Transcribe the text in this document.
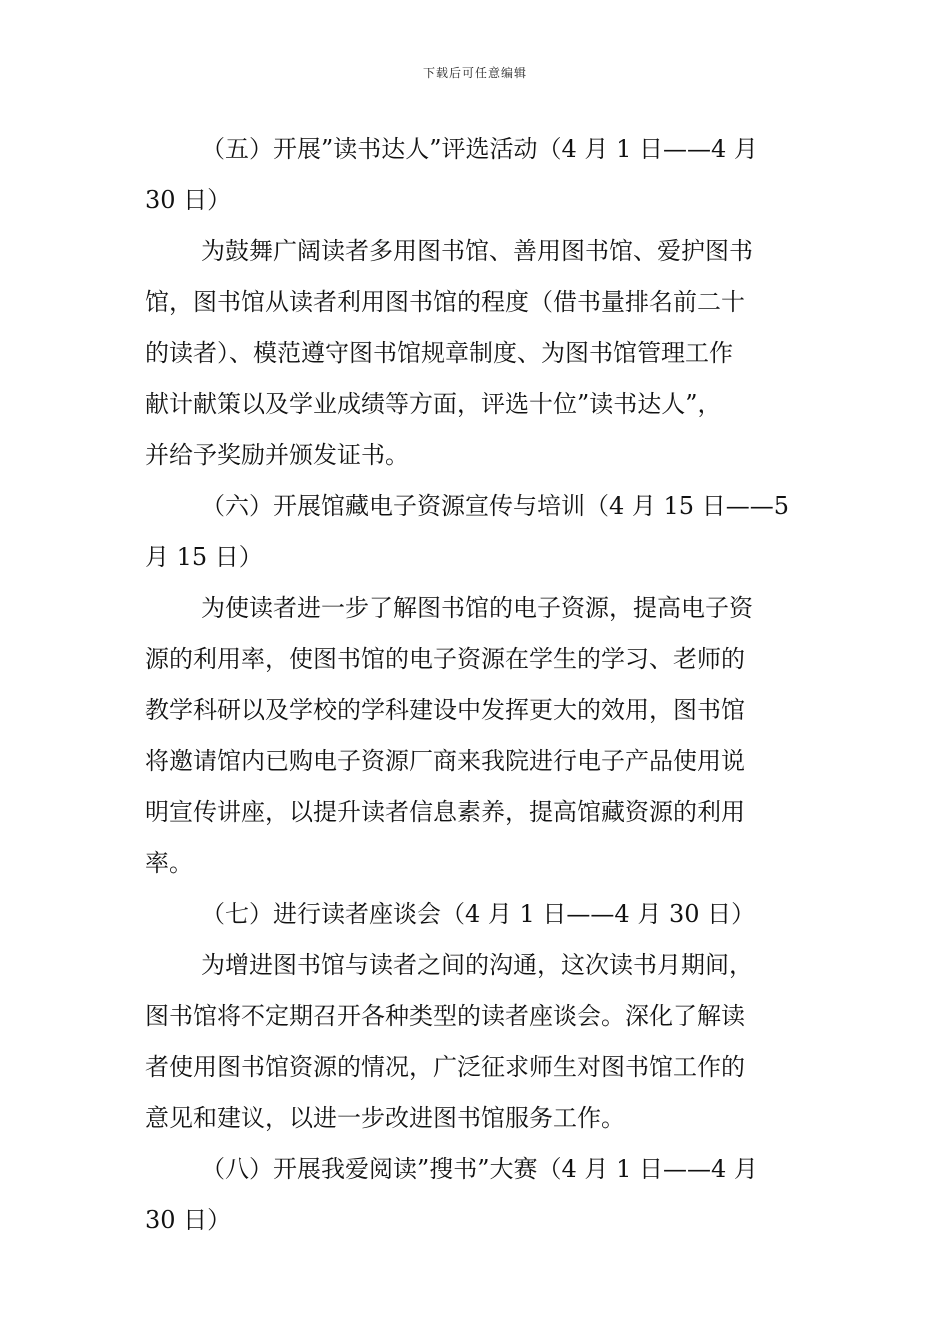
下载后可任意编辑
（五）开展”读书达人”评选活动（4 月 1 日——4 月
30 日）
为鼓舞广阔读者多用图书馆、善用图书馆、爱护图书
馆，图书馆从读者利用图书馆的程度（借书量排名前二十
的读者）、模范遵守图书馆规章制度、为图书馆管理工作
献计献策以及学业成绩等方面，评选十位”读书达人”，
并给予奖励并颁发证书。
（六）开展馆藏电子资源宣传与培训（4 月 15 日——5
月 15 日）
为使读者进一步了解图书馆的电子资源，提高电子资
源的利用率，使图书馆的电子资源在学生的学习、老师的
教学科研以及学校的学科建设中发挥更大的效用，图书馆
将邀请馆内已购电子资源厂商来我院进行电子产品使用说
明宣传讲座，以提升读者信息素养，提高馆藏资源的利用
率。
（七）进行读者座谈会（4 月 1 日——4 月 30 日）
为增进图书馆与读者之间的沟通，这次读书月期间，
图书馆将不定期召开各种类型的读者座谈会。深化了解读
者使用图书馆资源的情况，广泛征求师生对图书馆工作的
意见和建议，以进一步改进图书馆服务工作。
（八）开展我爱阅读”搜书”大赛（4 月 1 日——4 月
30 日）
